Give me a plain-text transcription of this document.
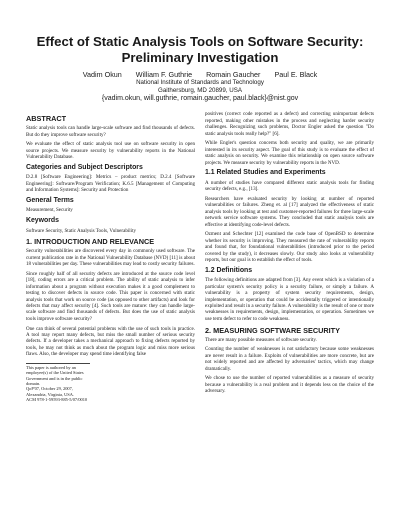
Effect of Static Analysis Tools on Software Security:
Preliminary Investigation
Vadim Okun William F. Guthrie Romain Gaucher Paul E. Black
National Institute of Standards and Technology
Gaithersburg, MD 20899, USA
{vadim.okun, will.guthrie, romain.gaucher, paul.black}@nist.gov
ABSTRACT

Static analysis tools can handle large-scale software and find thousands of defects. But do they improve software security?

We evaluate the effect of static analysis tool use on software security in open source projects. We measure security by vulnerability reports in the National Vulnerability Database.

Categories and Subject Descriptors

D.2.8 [Software Engineering]: Metrics – product metrics; D.2.4 [Software Engineering]: Software/Program Verification; K.6.5 [Management of Computing and Information Systems]: Security and Protection

General Terms

Measurement, Security

Keywords

Software Security, Static Analysis Tools, Vulnerability

1. INTRODUCTION AND RELEVANCE

Security vulnerabilities are discovered every day in commonly used software. The current publication rate in the National Vulnerability Database (NVD) [11] is about 18 vulnerabilities per day. These vulnerabilities may lead to costly security failures.

Since roughly half of all security defects are introduced at the source code level [18], coding errors are a critical problem. The ability of static analysis to infer information about a program without execution makes it a good complement to testing to discover defects in source code. This paper is concerned with static analysis tools that work on source code (as opposed to other artifacts) and look for defects that may affect security [4]. Such tools are mature: they can handle large-scale software and find thousands of defects. But does the use of static analysis tools improve software security?

One can think of several potential problems with the use of such tools in practice. A tool may report many defects, but miss the small number of serious security defects. If a developer takes a mechanical approach to fixing defects reported by tools, he may not think as much about the program logic and miss more serious flaws. Also, the developer may spend time identifying false

This paper is authored by an employee(s) of the United States Government and is in the public domain.

QoP'07, October 29, 2007, Alexandria, Virginia, USA.

ACM 978-1-59593-885-5/07/0010

positives (correct code reported as a defect) and correcting unimportant defects reported, making other mistakes in the process and neglecting harder security challenges. Recognizing such problems, Doctor Engler asked the question "Do static analysis tools really help?" [6].

While Engler's question concerns both security and quality, we are primarily interested in its security aspect. The goal of this study is to evaluate the effect of static analysis on security. We examine this relationship on open source software projects. We measure security by vulnerability reports in the NVD.

1.1 Related Studies and Experiments

A number of studies have compared different static analysis tools for finding security defects, e.g., [13].

Researchers have evaluated security by looking at number of reported vulnerabilities or failures. Zheng et. al [17] analyzed the effectiveness of static analysis tools by looking at test and customer-reported failures for three large-scale network service software systems. They concluded that static analysis tools are effective at identifying code-level defects.

Ozment and Schechter [12] examined the code base of OpenBSD to determine whether its security is improving. They measured the rate of vulnerability reports and found that, for foundational vulnerabilities (introduced prior to the period covered by the study), it decreases slowly. Our study also looks at vulnerability reports, but our goal is to establish the effect of tools.

1.2 Definitions

The following definitions are adapted from [3]. Any event which is a violation of a particular system's security policy is a security failure, or simply a failure. A vulnerability is a property of system security requirements, design, implementation, or operation that could be accidentally triggered or intentionally exploited and result in a security failure. A vulnerability is the result of one or more weaknesses in requirements, design, implementation, or operation. Sometimes we use term defect to refer to code weakness.

2. MEASURING SOFTWARE SECURITY

There are many possible measures of software security.

Counting the number of weaknesses is not satisfactory because some weaknesses are never result in a failure. Exploits of vulnerabilities are more concrete, but are not widely reported and are affected by adversaries' tactics, which may change dramatically.

We chose to use the number of reported vulnerabilities as a measure of security because a vulnerability is a real problem and it depends less on the choice of the adversary.
